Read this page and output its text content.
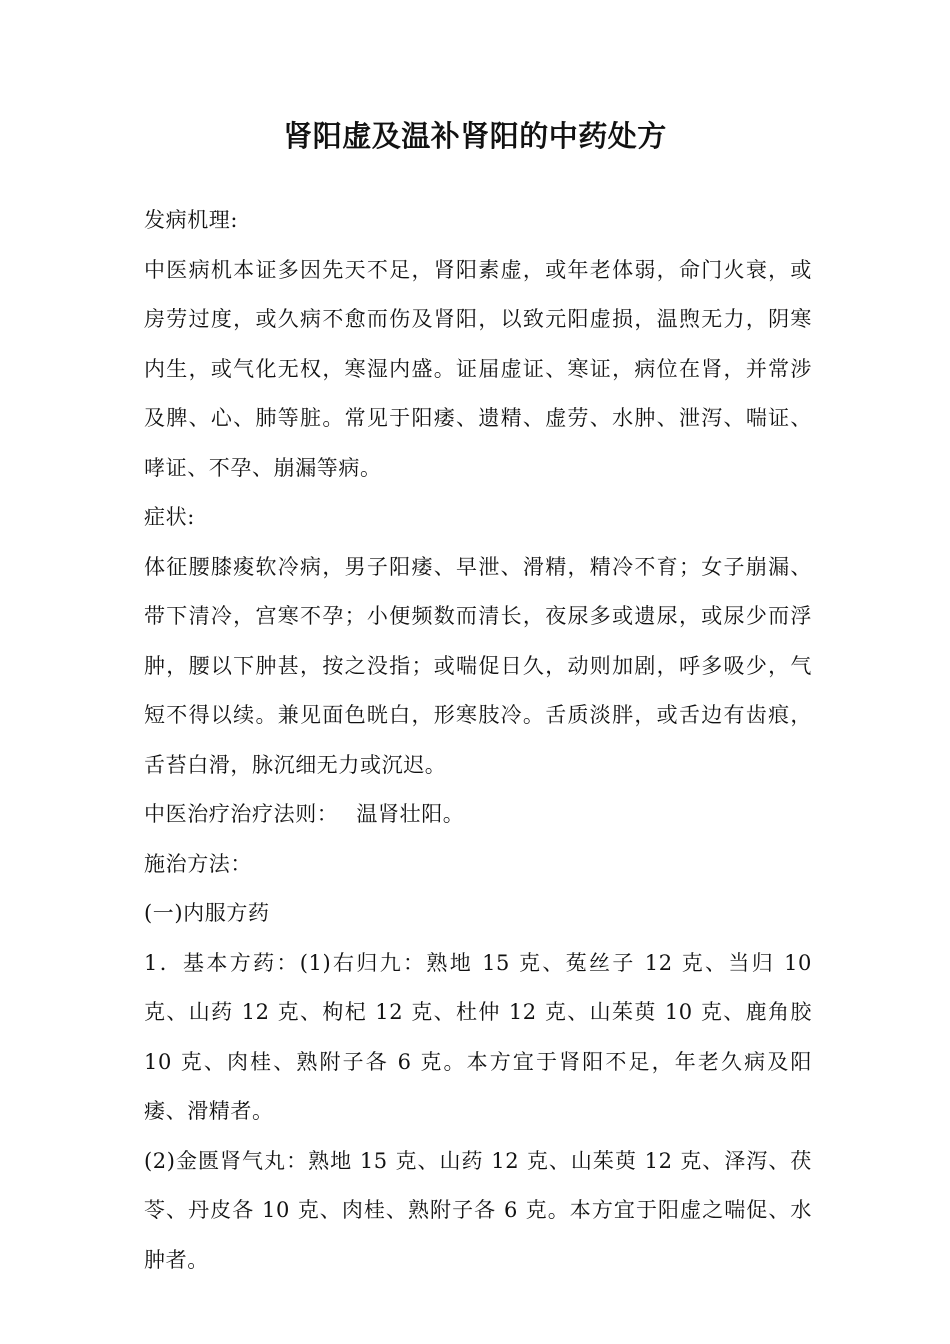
肾阳虚及温补肾阳的中药处方

发病机理:

中医病机本证多因先天不足，肾阳素虚，或年老体弱，命门火衰，或房劳过度，或久病不愈而伤及肾阳，以致元阳虚损，温煦无力，阴寒内生，或气化无权，寒湿内盛。证届虚证、寒证，病位在肾，并常涉及脾、心、肺等脏。常见于阳痿、遗精、虚劳、水肿、泄泻、喘证、哮证、不孕、崩漏等病。

症状:

体征腰膝痠软冷病，男子阳痿、早泄、滑精，精冷不育；女子崩漏、带下清冷，宫寒不孕；小便频数而清长，夜尿多或遗尿，或尿少而浮肿，腰以下肿甚，按之没指；或喘促日久，动则加剧，呼多吸少，气短不得以续。兼见面色晄白，形寒肢冷。舌质淡胖，或舌边有齿痕，舌苔白滑，脉沉细无力或沉迟。

中医治疗治疗法则： 温肾壮阳。

施治方法：

(一)内服方药

1．基本方药：(1)右归九：熟地 15 克、菟丝子 12 克、当归 10 克、山药 12 克、枸杞 12 克、杜仲 12 克、山茱萸 10 克、鹿角胶 10 克、肉桂、熟附子各 6 克。本方宜于肾阳不足，年老久病及阳痿、滑精者。

(2)金匮肾气丸：熟地 15 克、山药 12 克、山茱萸 12 克、泽泻、茯苓、丹皮各 10 克、肉桂、熟附子各 6 克。本方宜于阳虚之喘促、水肿者。
